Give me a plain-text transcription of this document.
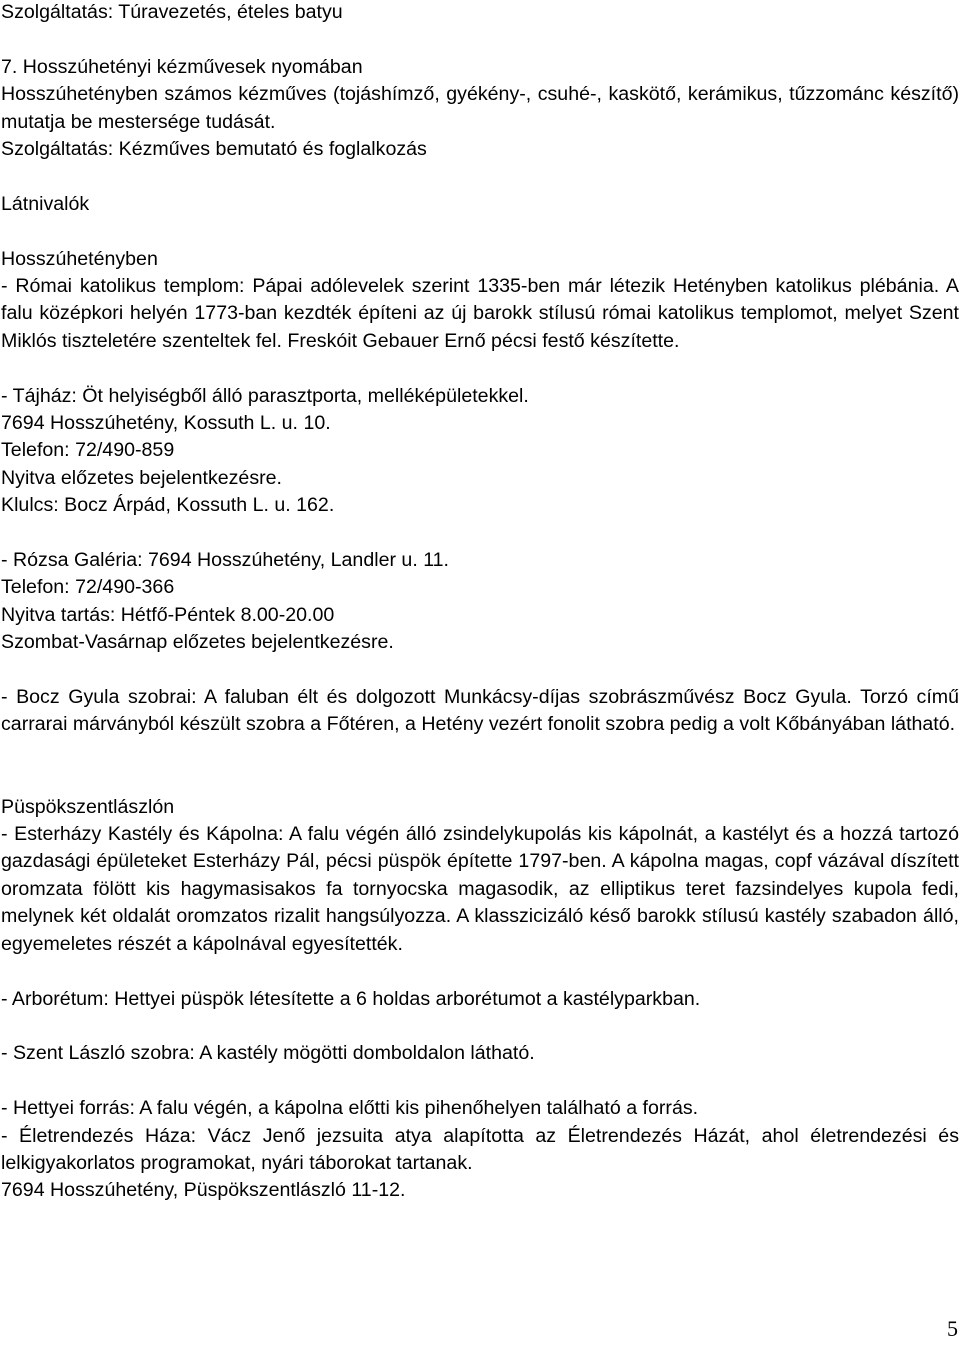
Szolgáltatás: Túravezetés, ételes batyu

7. Hosszúhetényi kézművesek nyomában

Hosszúhetényben számos kézműves (tojáshímző, gyékény-, csuhé-, kaskötő, kerámikus, tűzzománc készítő) mutatja be mestersége tudását.

Szolgáltatás: Kézműves bemutató és foglalkozás

Látnivalók

Hosszúhetényben

- Római katolikus templom: Pápai adólevelek szerint 1335-ben már létezik Hetényben katolikus plébánia. A falu középkori helyén 1773-ban kezdték építeni az új barokk stílusú római katolikus templomot, melyet Szent Miklós tiszteletére szenteltek fel. Freskóit Gebauer Ernő pécsi festő készítette.

- Tájház: Öt helyiségből álló parasztporta, melléképületekkel.

7694 Hosszúhetény, Kossuth L. u. 10.

Telefon: 72/490-859

Nyitva előzetes bejelentkezésre.

Klulcs: Bocz Árpád, Kossuth L. u. 162.

- Rózsa Galéria: 7694 Hosszúhetény, Landler u. 11.

Telefon: 72/490-366

Nyitva tartás: Hétfő-Péntek 8.00-20.00

Szombat-Vasárnap előzetes bejelentkezésre.

- Bocz Gyula szobrai: A faluban élt és dolgozott Munkácsy-díjas szobrászművész Bocz Gyula. Torzó című carrarai márványból készült szobra a Főtéren, a Hetény vezért fonolit szobra pedig a volt Kőbányában látható.

Püspökszentlászlón

- Esterházy Kastély és Kápolna: A falu végén álló zsindelykupolás kis kápolnát, a kastélyt és a hozzá tartozó gazdasági épületeket Esterházy Pál, pécsi püspök építette 1797-ben. A kápolna magas, copf vázával díszített oromzata fölött kis hagymasisakos fa tornyocska magasodik, az elliptikus teret fazsindelyes kupola fedi, melynek két oldalát oromzatos rizalit hangsúlyozza. A klasszicizáló késő barokk stílusú kastély szabadon álló, egyemeletes részét a kápolnával egyesítették.

- Arborétum: Hettyei püspök létesítette a 6 holdas arborétumot a kastélyparkban.

- Szent László szobra: A kastély mögötti domboldalon látható.

- Hettyei forrás: A falu végén, a kápolna előtti kis pihenőhelyen található a forrás.

- Életrendezés Háza: Vácz Jenő jezsuita atya alapította az Életrendezés Házát, ahol életrendezési és lelkigyakorlatos programokat, nyári táborokat tartanak.

7694 Hosszúhetény, Püspökszentlászló 11-12.

5
